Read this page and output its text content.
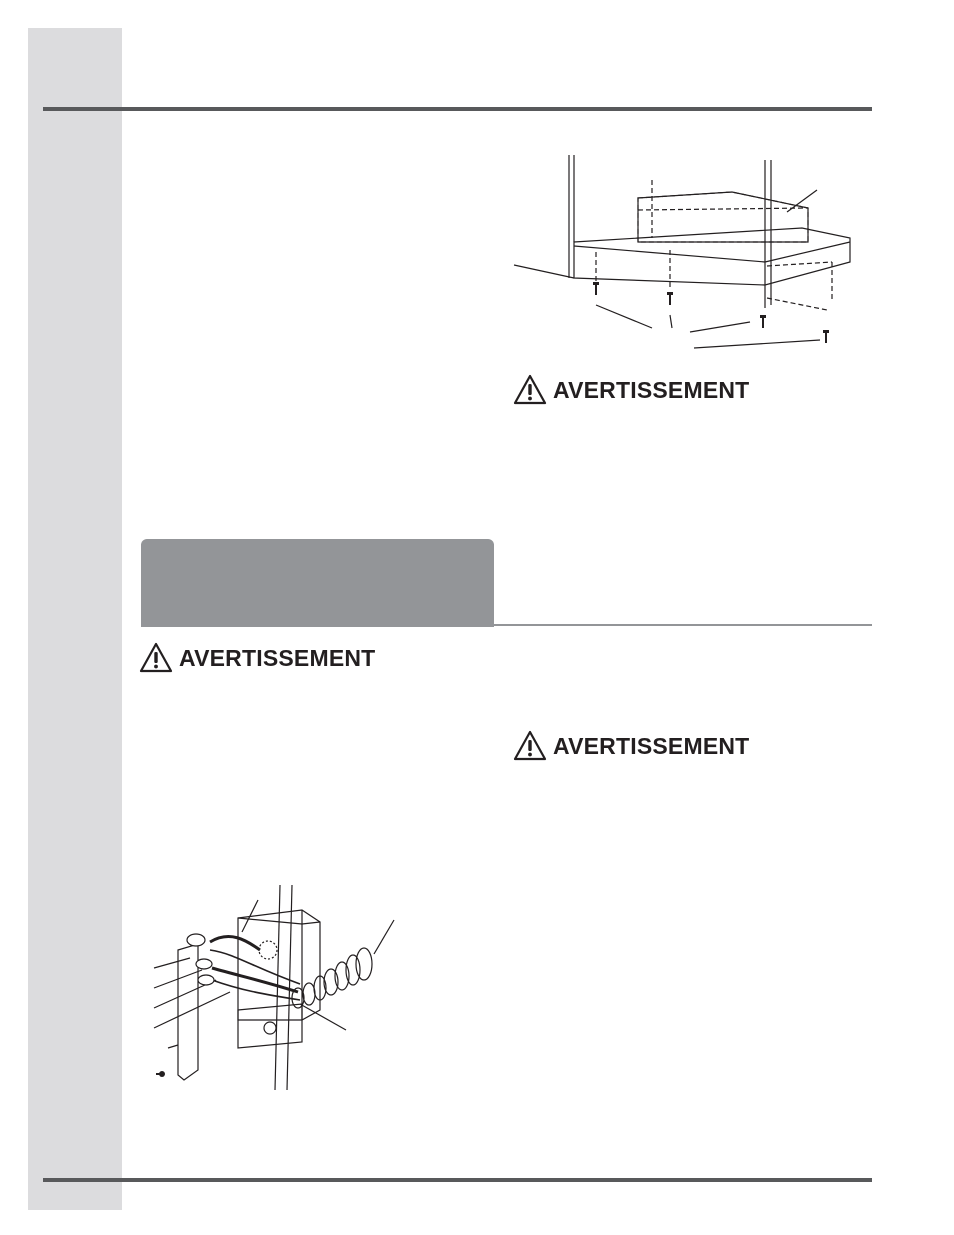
AVERTISSEMENT
AVERTISSEMENT
AVERTISSEMENT
